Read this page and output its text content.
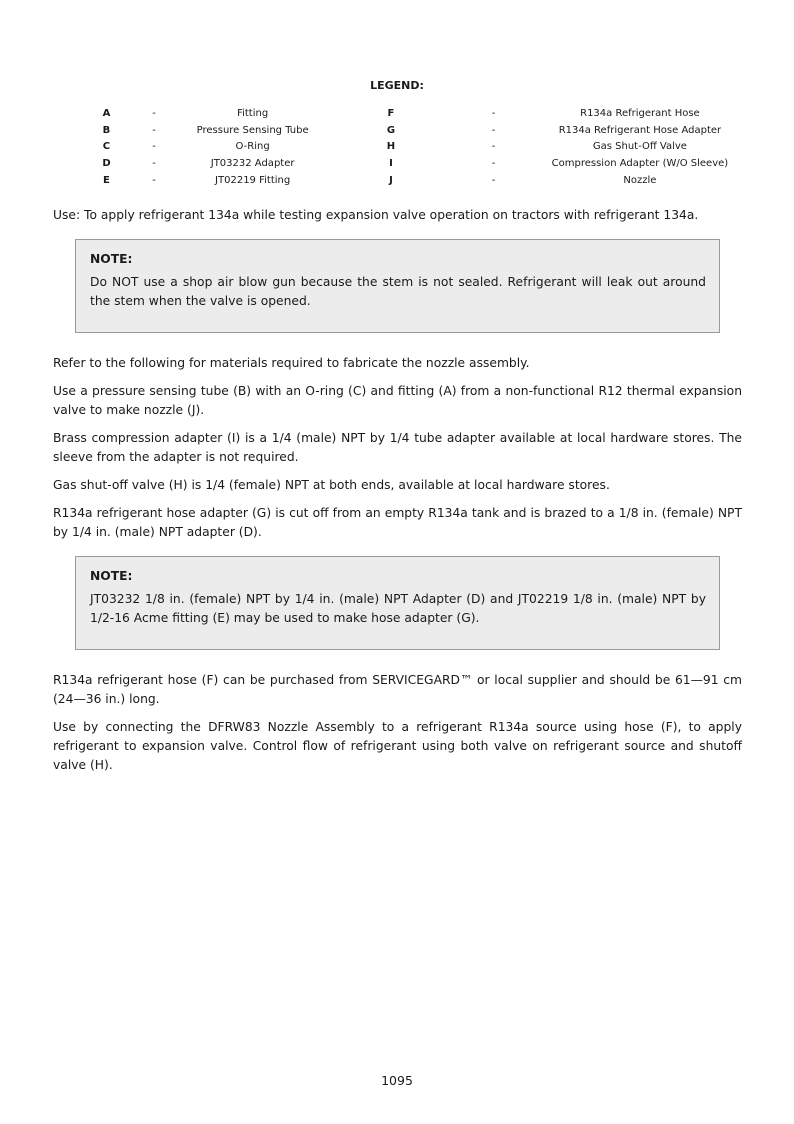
LEGEND:
	A	-	Fitting	F		-		R134a Refrigerant Hose	
	B	-	Pressure Sensing Tube	G		-		R134a Refrigerant Hose Adapter	
	C	-	O-Ring	H		-		Gas Shut-Off Valve	
	D	-	JT03232 Adapter	I		-		Compression Adapter (W/O Sleeve)	
	E	-	JT02219 Fitting	J		-		Nozzle	

Use: To apply refrigerant 134a while testing expansion valve operation on tractors with refrigerant 134a.

NOTE:
Do NOT use a shop air blow gun because the stem is not sealed. Refrigerant will leak out around the stem when the valve is opened.

Refer to the following for materials required to fabricate the nozzle assembly.

Use a pressure sensing tube (B) with an O-ring (C) and fitting (A) from a non-functional R12 thermal expansion valve to make nozzle (J).

Brass compression adapter (I) is a 1/4 (male) NPT by 1/4 tube adapter available at local hardware stores. The sleeve from the adapter is not required.

Gas shut-off valve (H) is 1/4 (female) NPT at both ends, available at local hardware stores.

R134a refrigerant hose adapter (G) is cut off from an empty R134a tank and is brazed to a 1/8 in. (female) NPT by 1/4 in. (male) NPT adapter (D).

NOTE:
JT03232 1/8 in. (female) NPT by 1/4 in. (male) NPT Adapter (D) and JT02219 1/8 in. (male) NPT by 1/2-16 Acme fitting (E) may be used to make hose adapter (G).

R134a refrigerant hose (F) can be purchased from SERVICEGARD™ or local supplier and should be 61—91 cm (24—36 in.) long.

Use by connecting the DFRW83 Nozzle Assembly to a refrigerant R134a source using hose (F), to apply refrigerant to expansion valve. Control flow of refrigerant using both valve on refrigerant source and shutoff valve (H).

1095
